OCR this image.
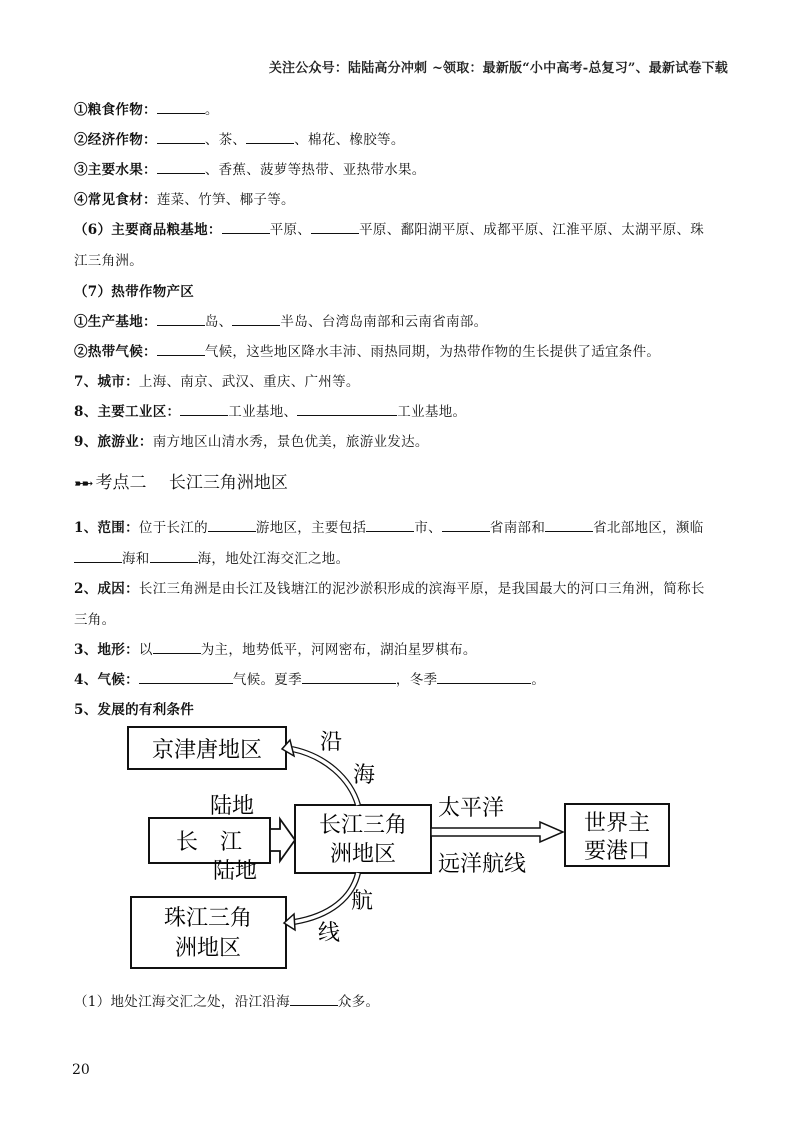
关注公众号：陆陆高分冲刺 ~领取：最新版“小中高考-总复习”、最新试卷下载
①粮食作物：	。
②经济作物：	、茶、	、棉花、橡胶等。
③主要水果：	、香蕉、菠萝等热带、亚热带水果。
④常见食材：莲菜、竹笋、椰子等。
（6）主要商品粮基地：	平原、	平原、鄱阳湖平原、成都平原、江淮平原、太湖平原、珠
江三角洲。
（7）热带作物产区
①生产基地：	岛、	半岛、台湾岛南部和云南省南部。
②热带气候：	气候，这些地区降水丰沛、雨热同期，为热带作物的生长提供了适宜条件。
7、城市：上海、南京、武汉、重庆、广州等。
8、主要工业区：	工业基地、	工业基地。
9、旅游业：南方地区山清水秀，景色优美，旅游业发达。
➼➼ 考点二　 长江三角洲地区
1、范围：位于长江的	游地区，主要包括	市、	省南部和	省北部地区，濒临
海和	海，地处江海交汇之地。
2、成因：长江三角洲是由长江及钱塘江的泥沙淤积形成的滨海平原，是我国最大的河口三角洲，简称长
三角。
3、地形：以	为主，地势低平，河网密布，湖泊星罗棋布。
4、气候：	气候。夏季	，冬季	。
5、发展的有利条件
京津唐地区
长　江
长江三角
洲地区
世界主
要港口
珠江三角
洲地区
沿
海
陆地
陆地
太平洋
远洋航线
航
线
（1）地处江海交汇之处，沿江沿海	众多。
20
